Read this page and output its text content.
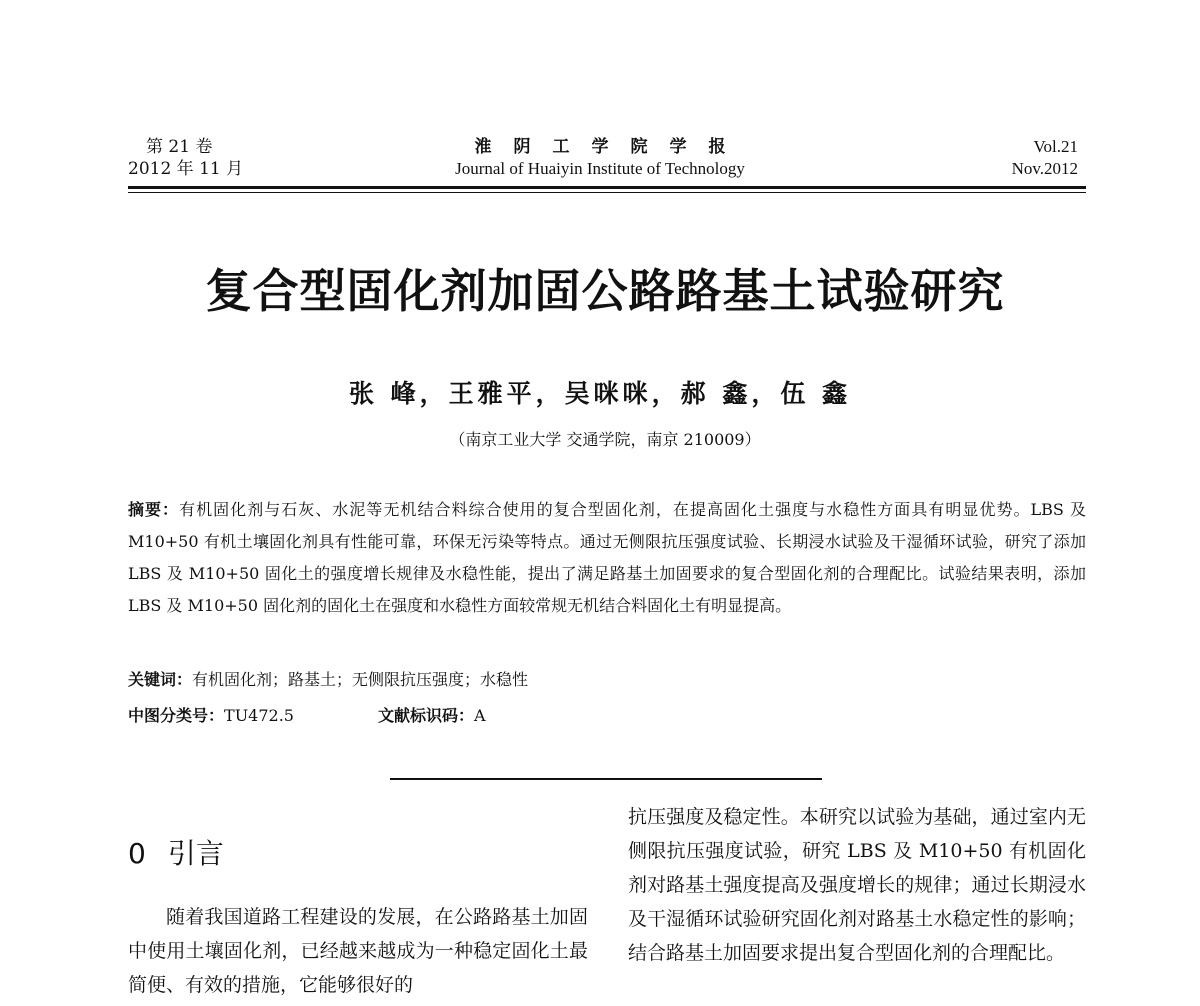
第 21 卷
2012 年 11 月
淮阴工学院学报
Journal of Huaiyin Institute of Technology
Vol.21
Nov.2012
复合型固化剂加固公路路基土试验研究
张 峰，王雅平，吴咪咪，郝 鑫，伍 鑫
（南京工业大学 交通学院，南京 210009）
摘要：有机固化剂与石灰、水泥等无机结合料综合使用的复合型固化剂，在提高固化土强度与水稳性方面具有明显优势。LBS 及 M10+50 有机土壤固化剂具有性能可靠，环保无污染等特点。通过无侧限抗压强度试验、长期浸水试验及干湿循环试验，研究了添加 LBS 及 M10+50 固化土的强度增长规律及水稳性能，提出了满足路基土加固要求的复合型固化剂的合理配比。试验结果表明，添加 LBS 及 M10+50 固化剂的固化土在强度和水稳性方面较常规无机结合料固化土有明显提高。
关键词：有机固化剂；路基土；无侧限抗压强度；水稳性
中图分类号：TU472.5	文献标识码：A
0 引言
随着我国道路工程建设的发展，在公路路基土加固中使用土壤固化剂，已经越来越成为一种稳定固化土最简便、有效的措施，它能够很好的
抗压强度及稳定性。本研究以试验为基础，通过室内无侧限抗压强度试验，研究 LBS 及 M10+50 有机固化剂对路基土强度提高及强度增长的规律；通过长期浸水及干湿循环试验研究固化剂对路基土水稳定性的影响；结合路基土加固要求提出复合型固化剂的合理配比。
